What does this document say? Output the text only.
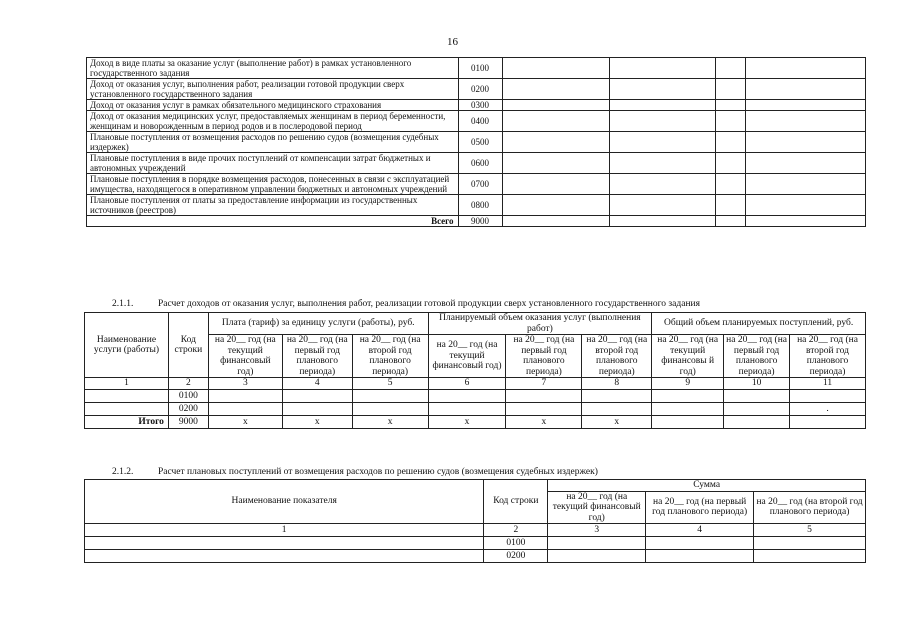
16
Доход в виде платы за оказание услуг (выполнение работ) в рамках установленного государственного задания	0100				
Доход от оказания услуг, выполнения работ, реализации готовой продукции сверх установленного государственного задания	0200				
Доход от оказания услуг в рамках обязательного медицинского страхования	0300				
Доход от оказания медицинских услуг, предоставляемых женщинам в период беременности, женщинам и новорожденным в период родов и в послеродовой период	0400				
Плановые поступления от возмещения расходов по решению судов (возмещения судебных издержек)	0500				
Плановые поступления в виде прочих поступлений от компенсации затрат бюджетных и автономных учреждений	0600				
Плановые поступления в порядке возмещения расходов, понесенных в связи с эксплуатацией имущества, находящегося в оперативном управлении бюджетных и автономных учреждений	0700				
Плановые поступления от платы за предоставление информации из государственных источников (реестров)	0800				
Всего	9000				
2.1.1.	Расчет доходов от оказания услуг, выполнения работ, реализации готовой продукции сверх установленного государственного задания
Наименование услуги (работы)	Код строки	Плата (тариф) за единицу услуги (работы), руб.			Планируемый объем оказания услуг (выполнения работ)			Общий объем планируемых поступлений, руб.		
		на 20__ год (на текущий финансовый год)	на 20__ год (на первый год планового периода)	на 20__ год (на второй год планового периода)	на 20__ год (на текущий финансовый год)	на 20__ год (на первый год планового периода)	на 20__ год (на второй год планового периода)	на 20__ год (на текущий финансовы й год)	на 20__ год (на первый год планового периода)	на 20__ год (на второй год планового периода)
1	2	3	4	5	6	7	8	9	10	11
	0100									
	0200									.
Итого	9000	x	x	x	x	x	x			
2.1.2.	Расчет плановых поступлений от возмещения расходов по решению судов (возмещения судебных издержек)
Наименование показателя	Код строки	Сумма		
		на 20__ год (на текущий финансовый год)	на 20__ год (на первый год планового периода)	на 20__ год (на второй год планового периода)
1	2	3	4	5
	0100			
	0200			
